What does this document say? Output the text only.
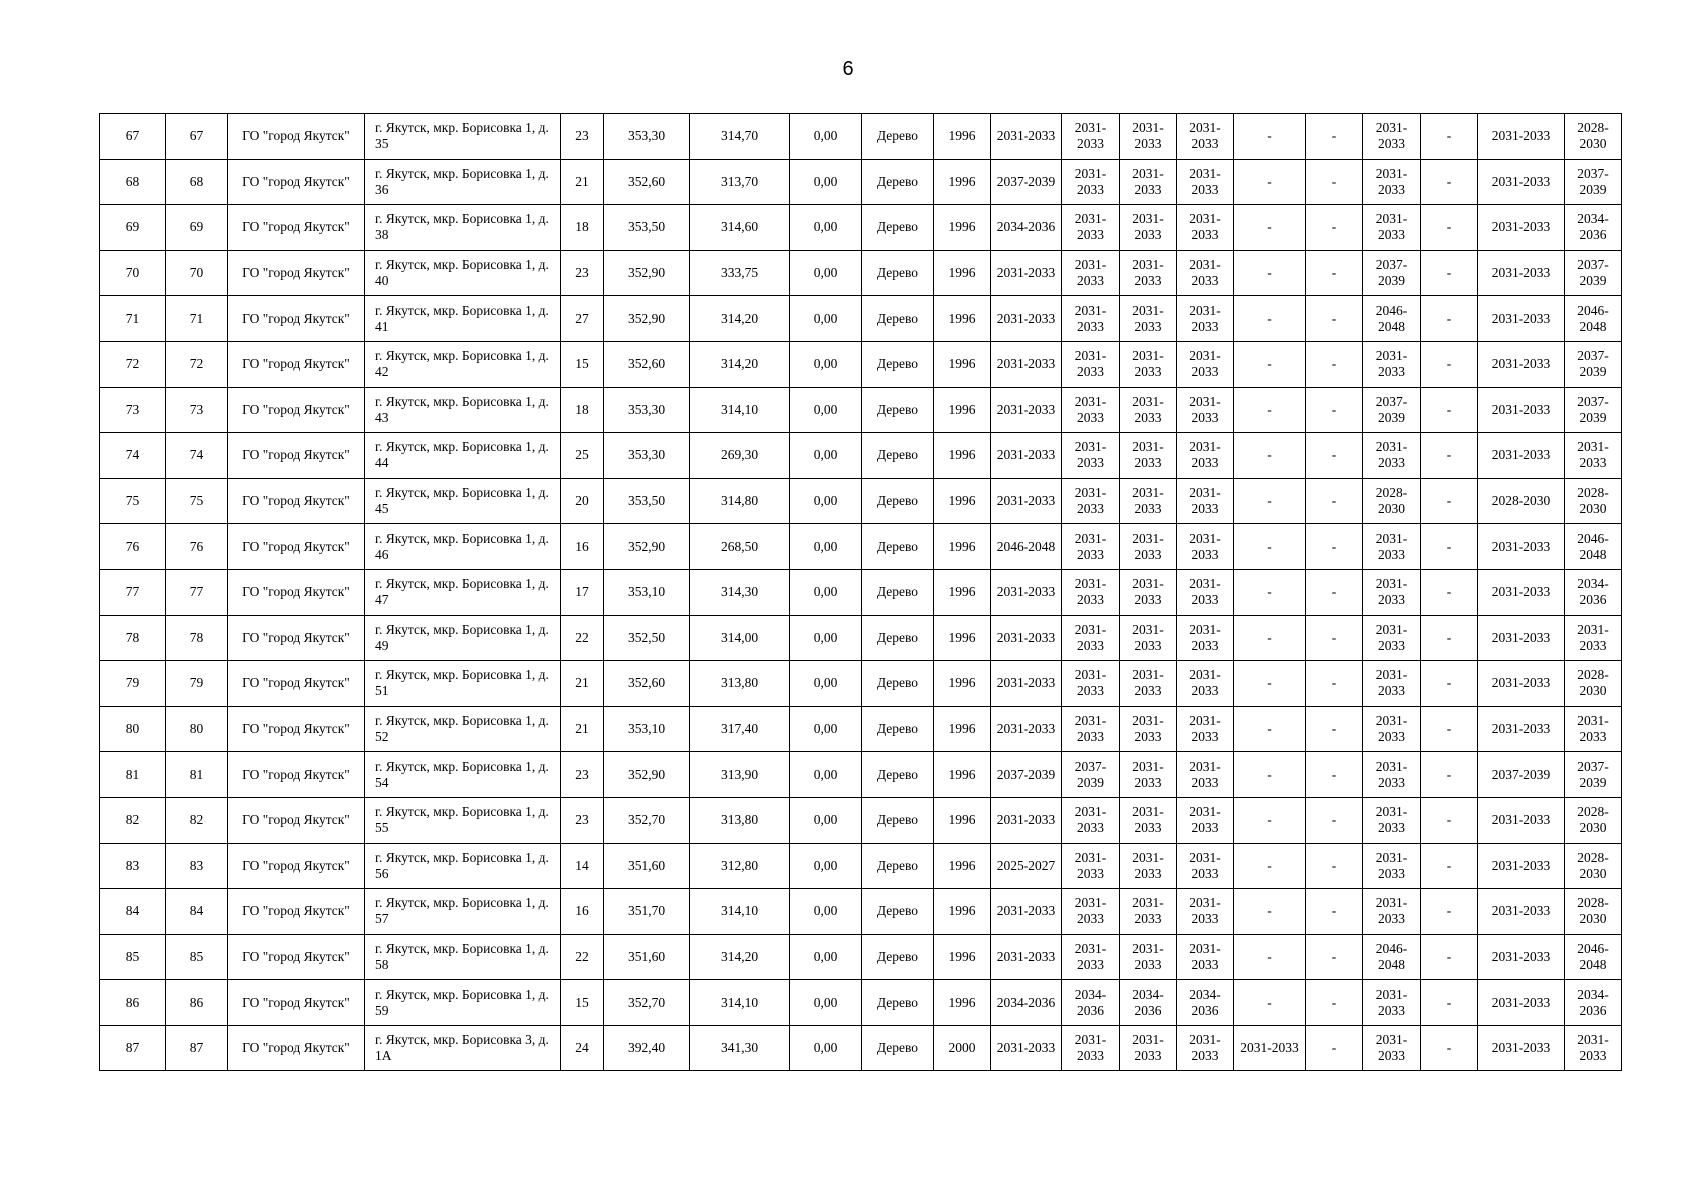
6
67	67	ГО "город Якутск"	г. Якутск, мкр. Борисовка 1, д. 35	23	353,30	314,70	0,00	Дерево	1996	2031-2033	2031-2033	2031-2033	2031-2033	-	-	2031-2033	-	2031-2033	2028-2030
68	68	ГО "город Якутск"	г. Якутск, мкр. Борисовка 1, д. 36	21	352,60	313,70	0,00	Дерево	1996	2037-2039	2031-2033	2031-2033	2031-2033	-	-	2031-2033	-	2031-2033	2037-2039
69	69	ГО "город Якутск"	г. Якутск, мкр. Борисовка 1, д. 38	18	353,50	314,60	0,00	Дерево	1996	2034-2036	2031-2033	2031-2033	2031-2033	-	-	2031-2033	-	2031-2033	2034-2036
70	70	ГО "город Якутск"	г. Якутск, мкр. Борисовка 1, д. 40	23	352,90	333,75	0,00	Дерево	1996	2031-2033	2031-2033	2031-2033	2031-2033	-	-	2037-2039	-	2031-2033	2037-2039
71	71	ГО "город Якутск"	г. Якутск, мкр. Борисовка 1, д. 41	27	352,90	314,20	0,00	Дерево	1996	2031-2033	2031-2033	2031-2033	2031-2033	-	-	2046-2048	-	2031-2033	2046-2048
72	72	ГО "город Якутск"	г. Якутск, мкр. Борисовка 1, д. 42	15	352,60	314,20	0,00	Дерево	1996	2031-2033	2031-2033	2031-2033	2031-2033	-	-	2031-2033	-	2031-2033	2037-2039
73	73	ГО "город Якутск"	г. Якутск, мкр. Борисовка 1, д. 43	18	353,30	314,10	0,00	Дерево	1996	2031-2033	2031-2033	2031-2033	2031-2033	-	-	2037-2039	-	2031-2033	2037-2039
74	74	ГО "город Якутск"	г. Якутск, мкр. Борисовка 1, д. 44	25	353,30	269,30	0,00	Дерево	1996	2031-2033	2031-2033	2031-2033	2031-2033	-	-	2031-2033	-	2031-2033	2031-2033
75	75	ГО "город Якутск"	г. Якутск, мкр. Борисовка 1, д. 45	20	353,50	314,80	0,00	Дерево	1996	2031-2033	2031-2033	2031-2033	2031-2033	-	-	2028-2030	-	2028-2030	2028-2030
76	76	ГО "город Якутск"	г. Якутск, мкр. Борисовка 1, д. 46	16	352,90	268,50	0,00	Дерево	1996	2046-2048	2031-2033	2031-2033	2031-2033	-	-	2031-2033	-	2031-2033	2046-2048
77	77	ГО "город Якутск"	г. Якутск, мкр. Борисовка 1, д. 47	17	353,10	314,30	0,00	Дерево	1996	2031-2033	2031-2033	2031-2033	2031-2033	-	-	2031-2033	-	2031-2033	2034-2036
78	78	ГО "город Якутск"	г. Якутск, мкр. Борисовка 1, д. 49	22	352,50	314,00	0,00	Дерево	1996	2031-2033	2031-2033	2031-2033	2031-2033	-	-	2031-2033	-	2031-2033	2031-2033
79	79	ГО "город Якутск"	г. Якутск, мкр. Борисовка 1, д. 51	21	352,60	313,80	0,00	Дерево	1996	2031-2033	2031-2033	2031-2033	2031-2033	-	-	2031-2033	-	2031-2033	2028-2030
80	80	ГО "город Якутск"	г. Якутск, мкр. Борисовка 1, д. 52	21	353,10	317,40	0,00	Дерево	1996	2031-2033	2031-2033	2031-2033	2031-2033	-	-	2031-2033	-	2031-2033	2031-2033
81	81	ГО "город Якутск"	г. Якутск, мкр. Борисовка 1, д. 54	23	352,90	313,90	0,00	Дерево	1996	2037-2039	2037-2039	2031-2033	2031-2033	-	-	2031-2033	-	2037-2039	2037-2039
82	82	ГО "город Якутск"	г. Якутск, мкр. Борисовка 1, д. 55	23	352,70	313,80	0,00	Дерево	1996	2031-2033	2031-2033	2031-2033	2031-2033	-	-	2031-2033	-	2031-2033	2028-2030
83	83	ГО "город Якутск"	г. Якутск, мкр. Борисовка 1, д. 56	14	351,60	312,80	0,00	Дерево	1996	2025-2027	2031-2033	2031-2033	2031-2033	-	-	2031-2033	-	2031-2033	2028-2030
84	84	ГО "город Якутск"	г. Якутск, мкр. Борисовка 1, д. 57	16	351,70	314,10	0,00	Дерево	1996	2031-2033	2031-2033	2031-2033	2031-2033	-	-	2031-2033	-	2031-2033	2028-2030
85	85	ГО "город Якутск"	г. Якутск, мкр. Борисовка 1, д. 58	22	351,60	314,20	0,00	Дерево	1996	2031-2033	2031-2033	2031-2033	2031-2033	-	-	2046-2048	-	2031-2033	2046-2048
86	86	ГО "город Якутск"	г. Якутск, мкр. Борисовка 1, д. 59	15	352,70	314,10	0,00	Дерево	1996	2034-2036	2034-2036	2034-2036	2034-2036	-	-	2031-2033	-	2031-2033	2034-2036
87	87	ГО "город Якутск"	г. Якутск, мкр. Борисовка 3, д. 1А	24	392,40	341,30	0,00	Дерево	2000	2031-2033	2031-2033	2031-2033	2031-2033	2031-2033	-	2031-2033	-	2031-2033	2031-2033
